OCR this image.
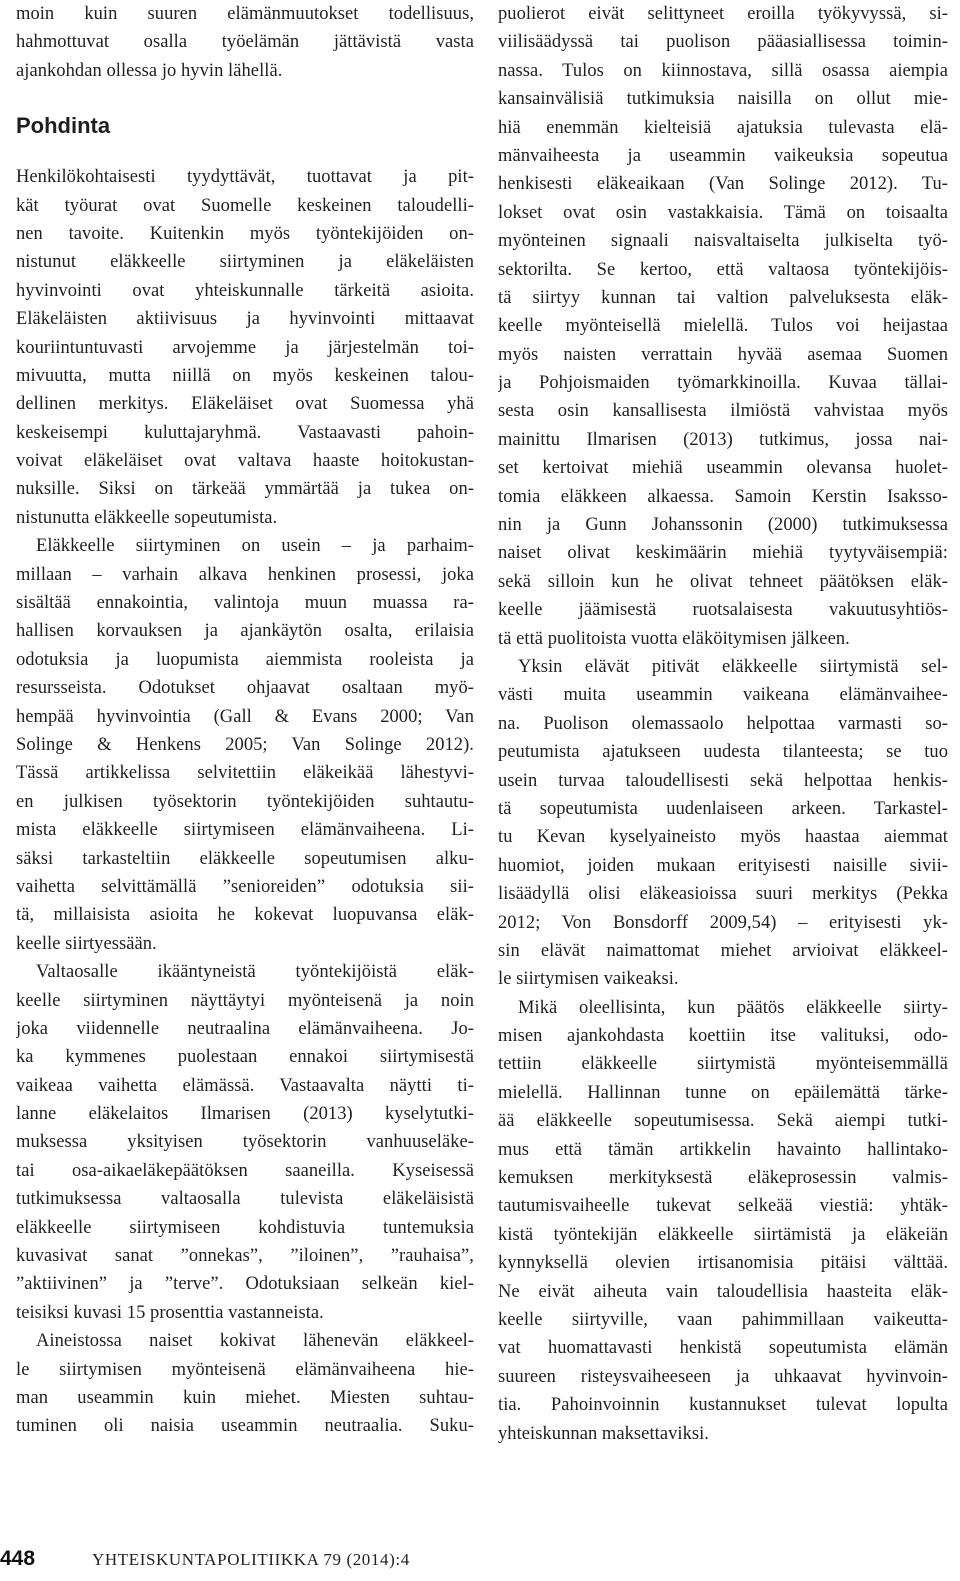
moin kuin suuren elämänmuutokset todellisuus,
hahmottuvat osalla työelämän jättävistä vasta
ajankohdan ollessa jo hyvin lähellä.
Pohdinta
Henkilökohtaisesti tyydyttävät, tuottavat ja pit-
kät työurat ovat Suomelle keskeinen taloudelli-
nen tavoite. Kuitenkin myös työntekijöiden on-
nistunut eläkkeelle siirtyminen ja eläkeläisten
hyvinvointi ovat yhteiskunnalle tärkeitä asioita.
Eläkeläisten aktiivisuus ja hyvinvointi mittaavat
kouriintuntuvasti arvojemme ja järjestelmän toi-
mivuutta, mutta niillä on myös keskeinen talou-
dellinen merkitys. Eläkeläiset ovat Suomessa yhä
keskeisempi kuluttajaryhmä. Vastaavasti pahoin-
voivat eläkeläiset ovat valtava haaste hoitokustan-
nuksille. Siksi on tärkeää ymmärtää ja tukea on-
nistunutta eläkkeelle sopeutumista.
Eläkkeelle siirtyminen on usein – ja parhaim-
millaan – varhain alkava henkinen prosessi, joka
sisältää ennakointia, valintoja muun muassa ra-
hallisen korvauksen ja ajankäytön osalta, erilaisia
odotuksia ja luopumista aiemmista rooleista ja
resursseista. Odotukset ohjaavat osaltaan myö-
hempää hyvinvointia (Gall & Evans 2000; Van
Solinge & Henkens 2005; Van Solinge 2012).
Tässä artikkelissa selvitettiin eläkeikää lähestyvi-
en julkisen työsektorin työntekijöiden suhtautu-
mista eläkkeelle siirtymiseen elämänvaiheena. Li-
säksi tarkasteltiin eläkkeelle sopeutumisen alku-
vaihetta selvittämällä ”senioreiden” odotuksia sii-
tä, millaisista asioita he kokevat luopuvansa eläk-
keelle siirtyessään.
Valtaosalle ikääntyneistä työntekijöistä eläk-
keelle siirtyminen näyttäytyi myönteisenä ja noin
joka viidennelle neutraalina elämänvaiheena. Jo-
ka kymmenes puolestaan ennakoi siirtymisestä
vaikeaa vaihetta elämässä. Vastaavalta näytti ti-
lanne eläkelaitos Ilmarisen (2013) kyselytutki-
muksessa yksityisen työsektorin vanhuuseläke-
tai osa-aikaeläkepäätöksen saaneilla. Kyseisessä
tutkimuksessa valtaosalla tulevista eläkeläisistä
eläkkeelle siirtymiseen kohdistuvia tuntemuksia
kuvasivat sanat ”onnekas”, ”iloinen”, ”rauhaisa”,
”aktiivinen” ja ”terve”. Odotuksiaan selkeän kiel-
teisiksi kuvasi 15 prosenttia vastanneista.
Aineistossa naiset kokivat lähenevän eläkkeel-
le siirtymisen myönteisenä elämänvaiheena hie-
man useammin kuin miehet. Miesten suhtau-
tuminen oli naisia useammin neutraalia. Suku-
puolierot eivät selittyneet eroilla työkyvyssä, si-
viilisäädyssä tai puolison pääasiallisessa toimin-
nassa. Tulos on kiinnostava, sillä osassa aiempia
kansainvälisiä tutkimuksia naisilla on ollut mie-
hiä enemmän kielteisiä ajatuksia tulevasta elä-
mänvaiheesta ja useammin vaikeuksia sopeutua
henkisesti eläkeaikaan (Van Solinge 2012). Tu-
lokset ovat osin vastakkaisia. Tämä on toisaalta
myönteinen signaali naisvaltaiselta julkiselta työ-
sektorilta. Se kertoo, että valtaosa työntekijöis-
tä siirtyy kunnan tai valtion palveluksesta eläk-
keelle myönteisellä mielellä. Tulos voi heijastaa
myös naisten verrattain hyvää asemaa Suomen
ja Pohjoismaiden työmarkkinoilla. Kuvaa tällai-
sesta osin kansallisesta ilmiöstä vahvistaa myös
mainittu Ilmarisen (2013) tutkimus, jossa nai-
set kertoivat miehiä useammin olevansa huolet-
tomia eläkkeen alkaessa. Samoin Kerstin Isaksso-
nin ja Gunn Johanssonin (2000) tutkimuksessa
naiset olivat keskimäärin miehiä tyytyväisempiä:
sekä silloin kun he olivat tehneet päätöksen eläk-
keelle jäämisestä ruotsalaisesta vakuutusyhtiös-
tä että puolitoista vuotta eläköitymisen jälkeen.
Yksin elävät pitivät eläkkeelle siirtymistä sel-
västi muita useammin vaikeana elämänvaihee-
na. Puolison olemassaolo helpottaa varmasti so-
peutumista ajatukseen uudesta tilanteesta; se tuo
usein turvaa taloudellisesti sekä helpottaa henkis-
tä sopeutumista uudenlaiseen arkeen. Tarkastel-
tu Kevan kyselyaineisto myös haastaa aiemmat
huomiot, joiden mukaan erityisesti naisille sivii-
lisäädyllä olisi eläkeasioissa suuri merkitys (Pekka
2012; Von Bonsdorff 2009,54) – erityisesti yk-
sin elävät naimattomat miehet arvioivat eläkkeel-
le siirtymisen vaikeaksi.
Mikä oleellisinta, kun päätös eläkkeelle siirty-
misen ajankohdasta koettiin itse valituksi, odo-
tettiin eläkkeelle siirtymistä myönteisemmällä
mielellä. Hallinnan tunne on epäilemättä tärke-
ää eläkkeelle sopeutumisessa. Sekä aiempi tutki-
mus että tämän artikkelin havainto hallintako-
kemuksen merkityksestä eläkeprosessin valmis-
tautumisvaiheelle tukevat selkeää viestiä: yhtäk-
kistä työntekijän eläkkeelle siirtämistä ja eläkeiän
kynnyksellä olevien irtisanomisia pitäisi välttää.
Ne eivät aiheuta vain taloudellisia haasteita eläk-
keelle siirtyville, vaan pahimmillaan vaikeutta-
vat huomattavasti henkistä sopeutumista elämän
suureen risteysvaiheeseen ja uhkaavat hyvinvoin-
tia. Pahoinvoinnin kustannukset tulevat lopulta
yhteiskunnan maksettaviksi.
448	YHTEISKUNTAPOLITIIKKA 79 (2014):4
